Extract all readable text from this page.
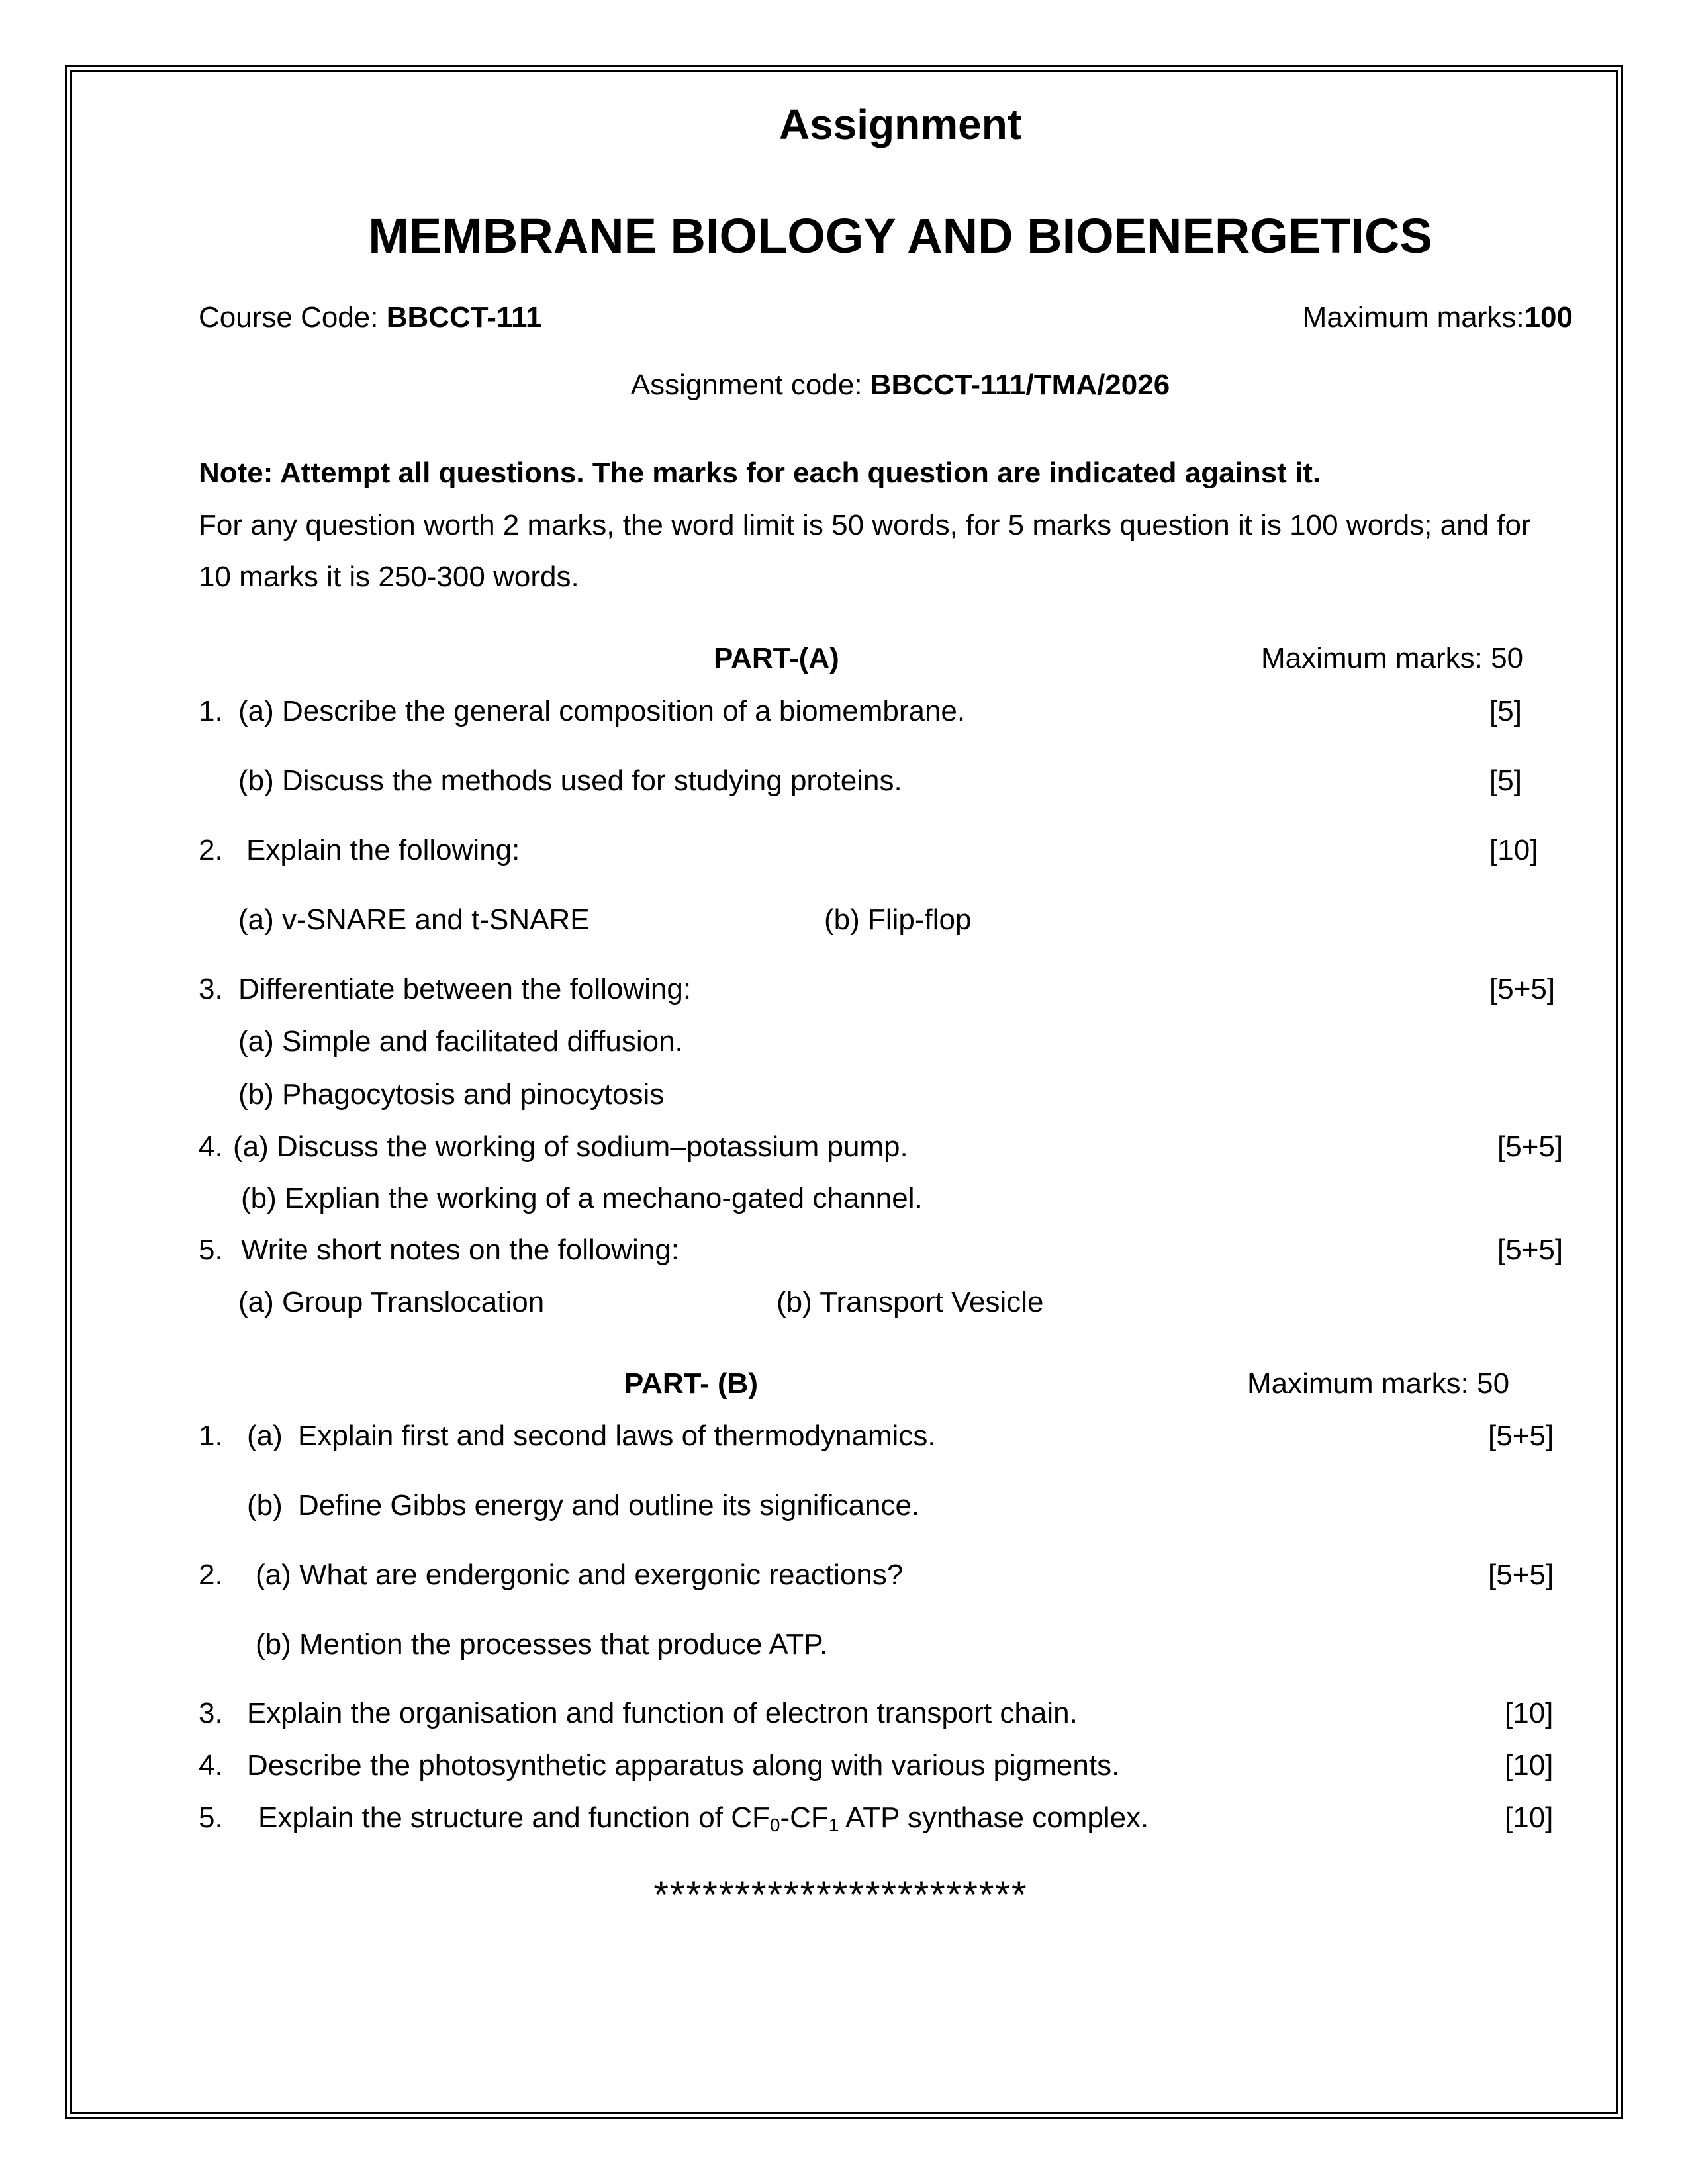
Assignment
MEMBRANE BIOLOGY AND BIOENERGETICS
Course Code: BBCCT-111	Maximum marks:100
Assignment code: BBCCT-111/TMA/2026
Note: Attempt all questions. The marks for each question are indicated against it.
For any question worth 2 marks, the word limit is 50 words, for 5 marks question it is 100 words; and for
10 marks it is 250-300 words.
PART-(A)	Maximum marks: 50
1. (a) Describe the general composition of a biomembrane.	[5]
(b) Discuss the methods used for studying proteins.	[5]
2. Explain the following:	[10]
(a) v-SNARE and t-SNARE	(b) Flip-flop
3. Differentiate between the following:	[5+5]
(a) Simple and facilitated diffusion.
(b) Phagocytosis and pinocytosis
4. (a) Discuss the working of sodium–potassium pump.	[5+5]
(b) Explian the working of a mechano-gated channel.
5. Write short notes on the following:	[5+5]
(a) Group Translocation	(b) Transport Vesicle
PART- (B)	Maximum marks: 50
1. (a) Explain first and second laws of thermodynamics.	[5+5]
(b) Define Gibbs energy and outline its significance.
2. (a) What are endergonic and exergonic reactions?	[5+5]
(b) Mention the processes that produce ATP.
3. Explain the organisation and function of electron transport chain.	[10]
4. Describe the photosynthetic apparatus along with various pigments.	[10]
5. Explain the structure and function of $CF_0-CF_1$ ATP synthase complex.	[10]
***********************
